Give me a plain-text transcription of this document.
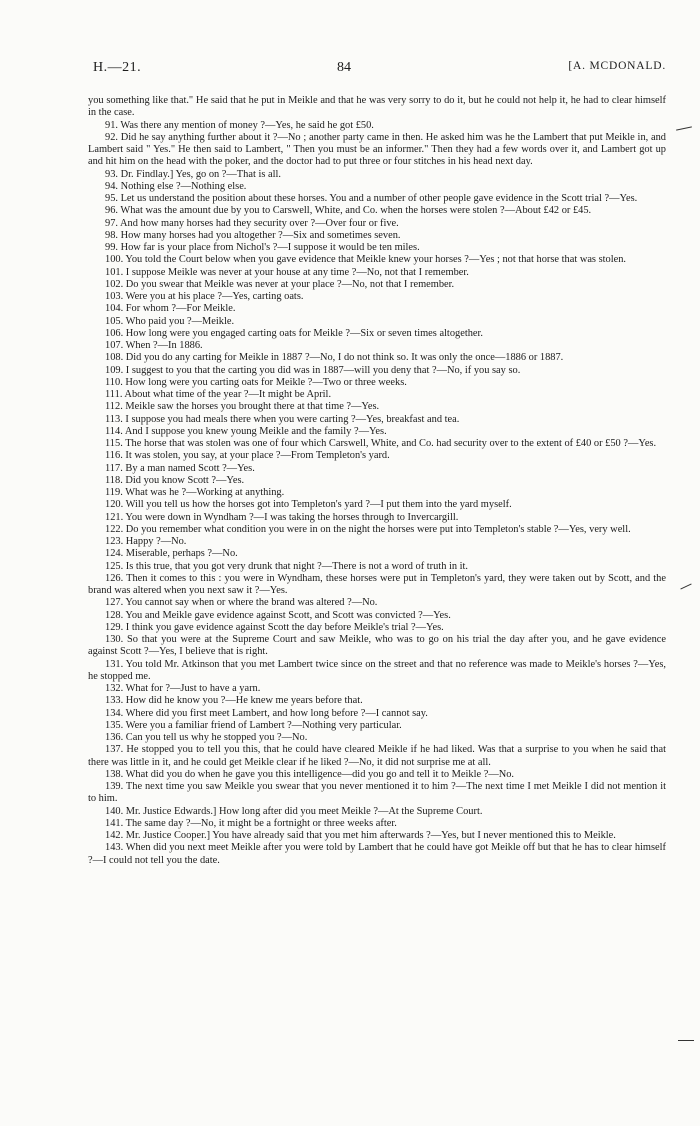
H.—21.	84	[A. MCDONALD.

you something like that." He said that he put in Meikle and that he was very sorry to do it, but he could not help it, he had to clear himself in the case.

91. Was there any mention of money ?—Yes, he said he got £50.

92. Did he say anything further about it ?—No ; another party came in then. He asked him was he the Lambert that put Meikle in, and Lambert said " Yes." He then said to Lambert, " Then you must be an informer." Then they had a few words over it, and Lambert got up and hit him on the head with the poker, and the doctor had to put three or four stitches in his head next day.

93. Dr. Findlay.] Yes, go on ?—That is all.

94. Nothing else ?—Nothing else.

95. Let us understand the position about these horses. You and a number of other people gave evidence in the Scott trial ?—Yes.

96. What was the amount due by you to Carswell, White, and Co. when the horses were stolen ?—About £42 or £45.

97. And how many horses had they security over ?—Over four or five.

98. How many horses had you altogether ?—Six and sometimes seven.

99. How far is your place from Nichol's ?—I suppose it would be ten miles.

100. You told the Court below when you gave evidence that Meikle knew your horses ?—Yes ; not that horse that was stolen.

101. I suppose Meikle was never at your house at any time ?—No, not that I remember.

102. Do you swear that Meikle was never at your place ?—No, not that I remember.

103. Were you at his place ?—Yes, carting oats.

104. For whom ?—For Meikle.

105. Who paid you ?—Meikle.

106. How long were you engaged carting oats for Meikle ?—Six or seven times altogether.

107. When ?—In 1886.

108. Did you do any carting for Meikle in 1887 ?—No, I do not think so. It was only the once—1886 or 1887.

109. I suggest to you that the carting you did was in 1887—will you deny that ?—No, if you say so.

110. How long were you carting oats for Meikle ?—Two or three weeks.

111. About what time of the year ?—It might be April.

112. Meikle saw the horses you brought there at that time ?—Yes.

113. I suppose you had meals there when you were carting ?—Yes, breakfast and tea.

114. And I suppose you knew young Meikle and the family ?—Yes.

115. The horse that was stolen was one of four which Carswell, White, and Co. had security over to the extent of £40 or £50 ?—Yes.

116. It was stolen, you say, at your place ?—From Templeton's yard.

117. By a man named Scott ?—Yes.

118. Did you know Scott ?—Yes.

119. What was he ?—Working at anything.

120. Will you tell us how the horses got into Templeton's yard ?—I put them into the yard myself.

121. You were down in Wyndham ?—I was taking the horses through to Invercargill.

122. Do you remember what condition you were in on the night the horses were put into Templeton's stable ?—Yes, very well.

123. Happy ?—No.

124. Miserable, perhaps ?—No.

125. Is this true, that you got very drunk that night ?—There is not a word of truth in it.

126. Then it comes to this : you were in Wyndham, these horses were put in Templeton's yard, they were taken out by Scott, and the brand was altered when you next saw it ?—Yes.

127. You cannot say when or where the brand was altered ?—No.

128. You and Meikle gave evidence against Scott, and Scott was convicted ?—Yes.

129. I think you gave evidence against Scott the day before Meikle's trial ?—Yes.

130. So that you were at the Supreme Court and saw Meikle, who was to go on his trial the day after you, and he gave evidence against Scott ?—Yes, I believe that is right.

131. You told Mr. Atkinson that you met Lambert twice since on the street and that no reference was made to Meikle's horses ?—Yes, he stopped me.

132. What for ?—Just to have a yarn.

133. How did he know you ?—He knew me years before that.

134. Where did you first meet Lambert, and how long before ?—I cannot say.

135. Were you a familiar friend of Lambert ?—Nothing very particular.

136. Can you tell us why he stopped you ?—No.

137. He stopped you to tell you this, that he could have cleared Meikle if he had liked. Was that a surprise to you when he said that there was little in it, and he could get Meikle clear if he liked ?—No, it did not surprise me at all.

138. What did you do when he gave you this intelligence—did you go and tell it to Meikle ?—No.

139. The next time you saw Meikle you swear that you never mentioned it to him ?—The next time I met Meikle I did not mention it to him.

140. Mr. Justice Edwards.] How long after did you meet Meikle ?—At the Supreme Court.

141. The same day ?—No, it might be a fortnight or three weeks after.

142. Mr. Justice Cooper.] You have already said that you met him afterwards ?—Yes, but I never mentioned this to Meikle.

143. When did you next meet Meikle after you were told by Lambert that he could have got Meikle off but that he has to clear himself ?—I could not tell you the date.
